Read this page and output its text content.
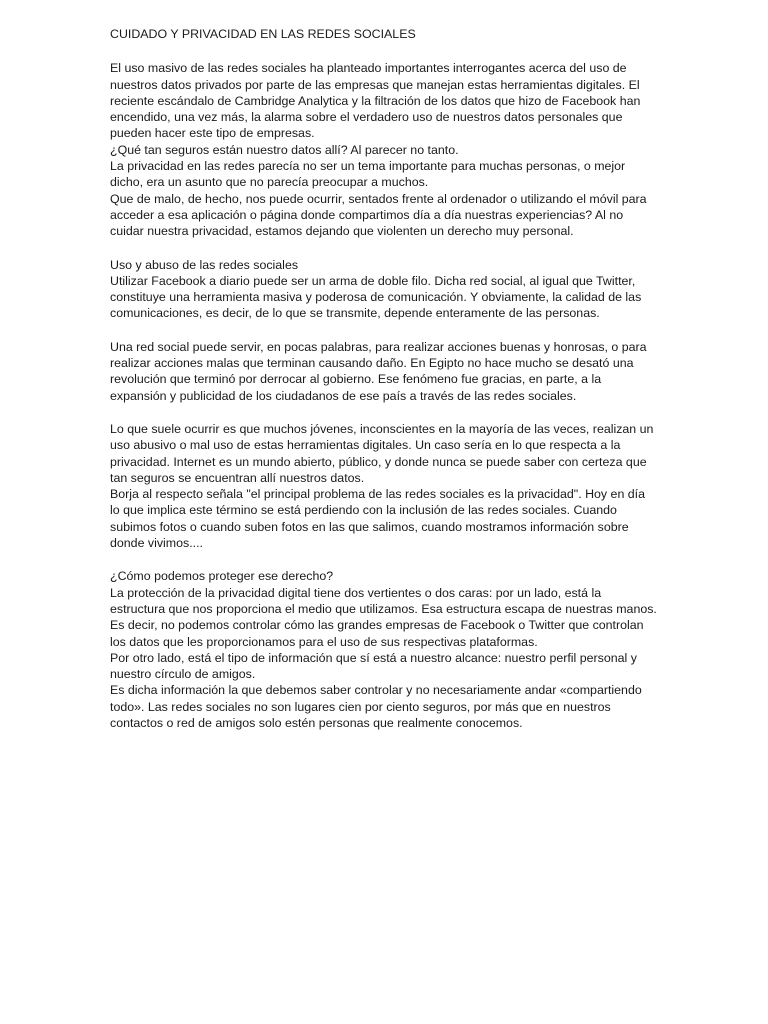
CUIDADO Y PRIVACIDAD EN LAS REDES SOCIALES

El uso masivo de las redes sociales ha planteado importantes interrogantes acerca del uso de nuestros datos privados por parte de las empresas que manejan estas herramientas digitales. El reciente escándalo de Cambridge Analytica y la filtración de los datos que hizo de Facebook han encendido, una vez más, la alarma sobre el verdadero uso de nuestros datos personales que pueden hacer este tipo de empresas.

¿Qué tan seguros están nuestro datos allí? Al parecer no tanto.

La privacidad en las redes parecía no ser un tema importante para muchas personas, o mejor dicho, era un asunto que no parecía preocupar a muchos.

Que de malo, de hecho, nos puede ocurrir, sentados frente al ordenador o utilizando el móvil para acceder a esa aplicación o página donde compartimos día a día nuestras experiencias? Al no cuidar nuestra privacidad, estamos dejando que violenten un derecho muy personal.

Uso y abuso de las redes sociales

Utilizar Facebook a diario puede ser un arma de doble filo. Dicha red social, al igual que Twitter, constituye una herramienta masiva y poderosa de comunicación. Y obviamente, la calidad de las comunicaciones, es decir, de lo que se transmite, depende enteramente de las personas.

Una red social puede servir, en pocas palabras, para realizar acciones buenas y honrosas, o para realizar acciones malas que terminan causando daño. En Egipto no hace mucho se desató una revolución que terminó por derrocar al gobierno. Ese fenómeno fue gracias, en parte, a la expansión y publicidad de los ciudadanos de ese país a través de las redes sociales.

Lo que suele ocurrir es que muchos jóvenes, inconscientes en la mayoría de las veces, realizan un uso abusivo o mal uso de estas herramientas digitales. Un caso sería en lo que respecta a la privacidad. Internet es un mundo abierto, público, y donde nunca se puede saber con certeza que tan seguros se encuentran allí nuestros datos.

Borja al respecto señala "el principal problema de las redes sociales es la privacidad". Hoy en día lo que implica este término se está perdiendo con la inclusión de las redes sociales. Cuando subimos fotos o cuando suben fotos en las que salimos, cuando mostramos información sobre donde vivimos....

¿Cómo podemos proteger ese derecho?

La protección de la privacidad digital tiene dos vertientes o dos caras: por un lado, está la estructura que nos proporciona el medio que utilizamos. Esa estructura escapa de nuestras manos. Es decir, no podemos controlar cómo las grandes empresas de Facebook o Twitter que controlan los datos que les proporcionamos para el uso de sus respectivas plataformas.

Por otro lado, está el tipo de información que sí está a nuestro alcance: nuestro perfil personal y nuestro círculo de amigos.

Es dicha información la que debemos saber controlar y no necesariamente andar «compartiendo todo». Las redes sociales no son lugares cien por ciento seguros, por más que en nuestros contactos o red de amigos solo estén personas que realmente conocemos.
